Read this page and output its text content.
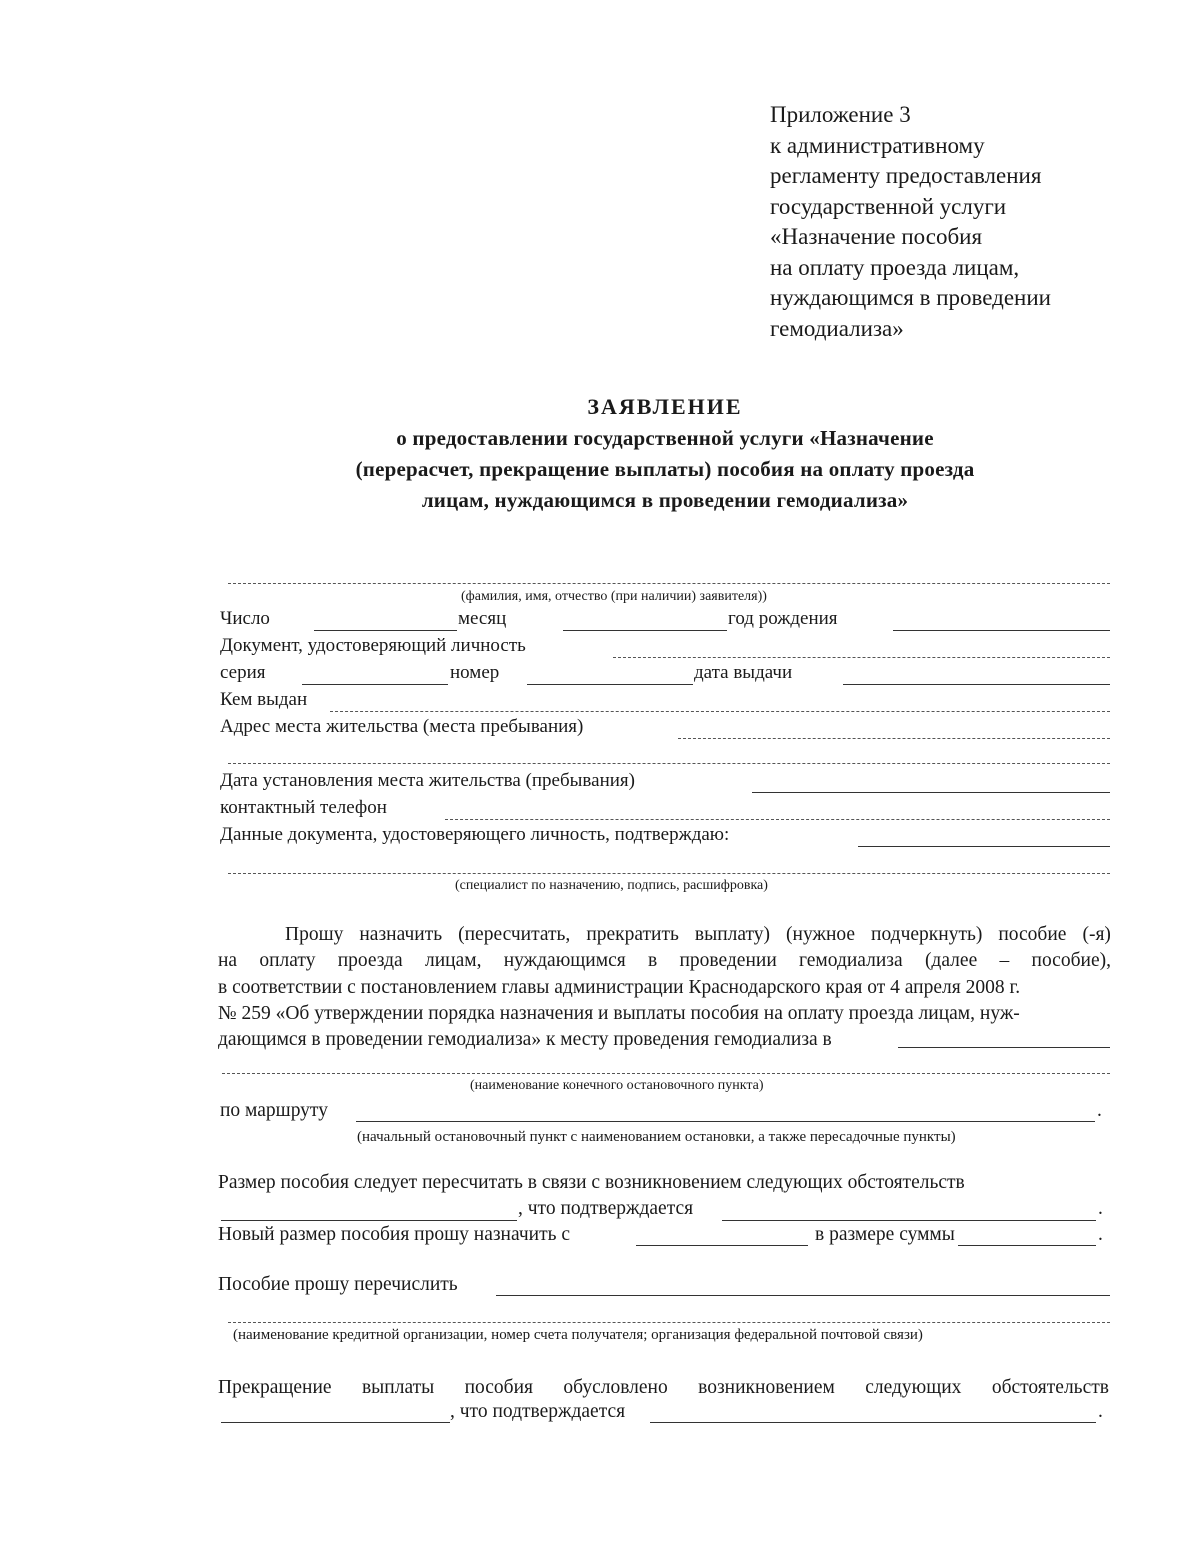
Приложение 3
к административному
регламенту предоставления
государственной услуги
«Назначение пособия
на оплату проезда лицам,
нуждающимся в проведении
гемодиализа»
ЗАЯВЛЕНИЕ
о предоставлении государственной услуги «Назначение
(перерасчет, прекращение выплаты) пособия на оплату проезда
лицам, нуждающимся в проведении гемодиализа»
(фамилия, имя, отчество (при наличии) заявителя))
Число	месяц	год рождения
Документ, удостоверяющий личность
серия	номер	дата выдачи
Кем выдан
Адрес места жительства (места пребывания)
Дата установления места жительства (пребывания)
контактный телефон
Данные документа, удостоверяющего личность, подтверждаю:
(специалист по назначению, подпись, расшифровка)
Прошу назначить (пересчитать, прекратить выплату) (нужное подчеркнуть) пособие (-я)
на оплату проезда лицам, нуждающимся в проведении гемодиализа (далее – пособие),
в соответствии с постановлением главы администрации Краснодарского края от 4 апреля 2008 г.
№ 259 «Об утверждении порядка назначения и выплаты пособия на оплату проезда лицам, нуж-
дающимся в проведении гемодиализа» к месту проведения гемодиализа в
(наименование конечного остановочного пункта)
по маршруту	.
(начальный остановочный пункт с наименованием остановки, а также пересадочные пункты)
Размер пособия следует пересчитать в связи с возникновением следующих обстоятельств
, что подтверждается	.
Новый размер пособия прошу назначить с	в размере суммы	.
Пособие прошу перечислить
(наименование кредитной организации, номер счета получателя; организация федеральной почтовой связи)
Прекращение выплаты пособия обусловлено возникновением следующих обстоятельств
, что подтверждается	.
